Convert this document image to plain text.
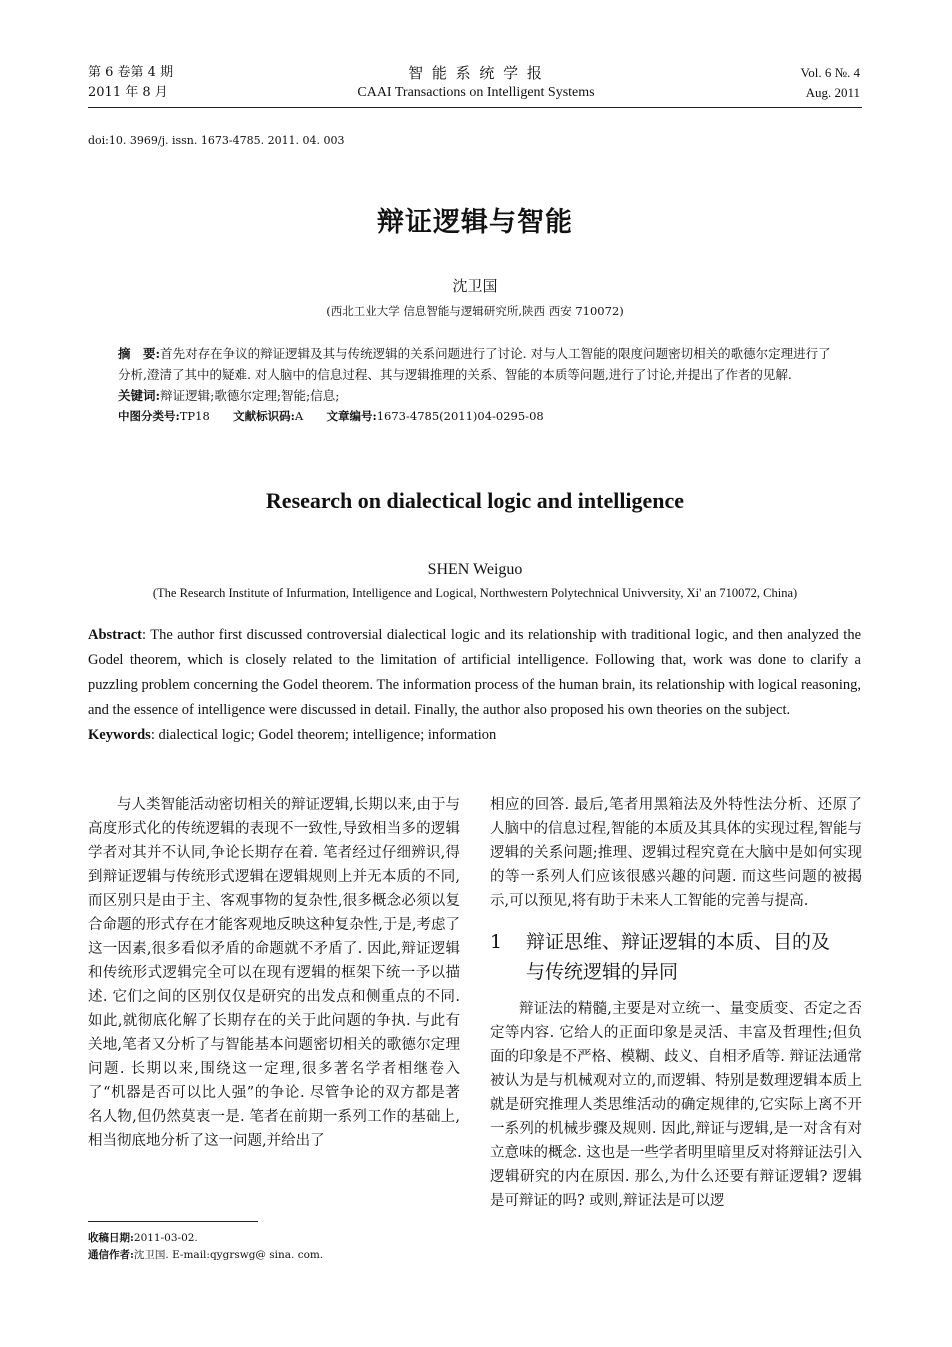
第 6 卷第 4 期
2011 年 8 月
智 能 系 统 学 报
CAAI Transactions on Intelligent Systems
Vol. 6 №. 4
Aug. 2011
doi:10. 3969/j. issn. 1673-4785. 2011. 04. 003
辩证逻辑与智能
沈卫国
(西北工业大学 信息智能与逻辑研究所,陕西 西安 710072)
摘　要:首先对存在争议的辩证逻辑及其与传统逻辑的关系问题进行了讨论. 对与人工智能的限度问题密切相关的歌德尔定理进行了分析,澄清了其中的疑难. 对人脑中的信息过程、其与逻辑推理的关系、智能的本质等问题,进行了讨论,并提出了作者的见解.
关键词:辩证逻辑;歌德尔定理;智能;信息;
中图分类号:TP18 文献标识码:A 文章编号:1673-4785(2011)04-0295-08
Research on dialectical logic and intelligence
SHEN Weiguo
(The Research Institute of Infurmation, Intelligence and Logical, Northwestern Polytechnical Univversity, Xi' an 710072, China)
Abstract: The author first discussed controversial dialectical logic and its relationship with traditional logic, and then analyzed the Godel theorem, which is closely related to the limitation of artificial intelligence. Following that, work was done to clarify a puzzling problem concerning the Godel theorem. The information process of the human brain, its relationship with logical reasoning, and the essence of intelligence were discussed in detail. Finally, the author also proposed his own theories on the subject.
Keywords: dialectical logic; Godel theorem; intelligence; information

与人类智能活动密切相关的辩证逻辑,长期以来,由于与高度形式化的传统逻辑的表现不一致性,导致相当多的逻辑学者对其并不认同,争论长期存在着. 笔者经过仔细辨识,得到辩证逻辑与传统形式逻辑在逻辑规则上并无本质的不同,而区别只是由于主、客观事物的复杂性,很多概念必须以复合命题的形式存在才能客观地反映这种复杂性,于是,考虑了这一因素,很多看似矛盾的命题就不矛盾了. 因此,辩证逻辑和传统形式逻辑完全可以在现有逻辑的框架下统一予以描述. 它们之间的区别仅仅是研究的出发点和侧重点的不同. 如此,就彻底化解了长期存在的关于此问题的争执. 与此有关地,笔者又分析了与智能基本问题密切相关的歌德尔定理问题. 长期以来,围绕这一定理,很多著名学者相继卷入了“机器是否可以比人强”的争论. 尽管争论的双方都是著名人物,但仍然莫衷一是. 笔者在前期一系列工作的基础上,相当彻底地分析了这一问题,并给出了

收稿日期:2011-03-02.
通信作者:沈卫国. E-mail:qygrswg@ sina. com.

相应的回答. 最后,笔者用黑箱法及外特性法分析、还原了人脑中的信息过程,智能的本质及其具体的实现过程,智能与逻辑的关系问题;推理、逻辑过程究竟在大脑中是如何实现的等一系列人们应该很感兴趣的问题. 而这些问题的被揭示,可以预见,将有助于未来人工智能的完善与提高.

1 辩证思维、辩证逻辑的本质、目的及
与传统逻辑的异同

辩证法的精髓,主要是对立统一、量变质变、否定之否定等内容. 它给人的正面印象是灵活、丰富及哲理性;但负面的印象是不严格、模糊、歧义、自相矛盾等. 辩证法通常被认为是与机械观对立的,而逻辑、特别是数理逻辑本质上就是研究推理人类思维活动的确定规律的,它实际上离不开一系列的机械步骤及规则. 因此,辩证与逻辑,是一对含有对立意味的概念. 这也是一些学者明里暗里反对将辩证法引入逻辑研究的内在原因. 那么,为什么还要有辩证逻辑? 逻辑是可辩证的吗? 或则,辩证法是可以逻
